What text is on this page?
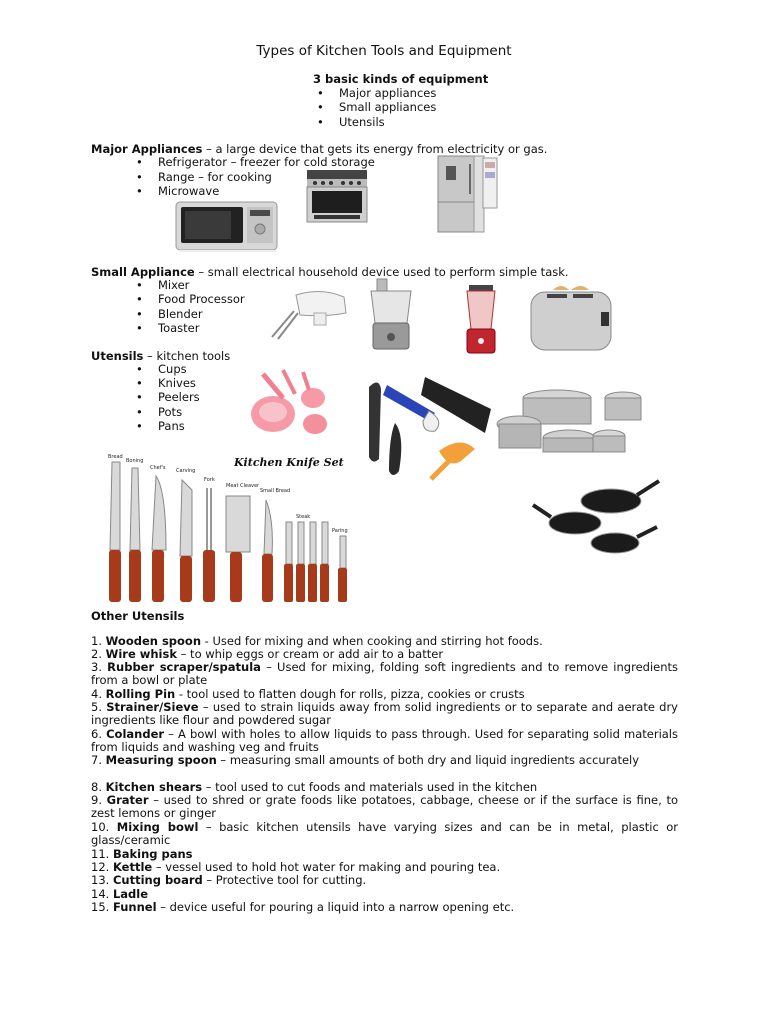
Types of Kitchen Tools and Equipment
3 basic kinds of equipment
• Major appliances
• Small appliances
• Utensils
Major Appliances – a large device that gets its energy from electricity or gas.
• Refrigerator – freezer for cold storage
• Range – for cooking
• Microwave
Small Appliance – small electrical household device used to perform simple task.
• Mixer
• Food Processor
• Blender
• Toaster
Utensils – kitchen tools
• Cups
• Knives
• Peelers
• Pots
• Pans
Bread
Boning
Chef's Carving
Fork
Meat Cleaver
Small Bread
Steak
Paring
Kitchen Knife Set
Other Utensils
1. Wooden spoon - Used for mixing and when cooking and stirring hot foods.
2. Wire whisk – to whip eggs or cream or add air to a batter
3. Rubber scraper/spatula – Used for mixing, folding soft ingredients and to remove ingredients from a bowl or plate
4. Rolling Pin - tool used to flatten dough for rolls, pizza, cookies or crusts
5. Strainer/Sieve – used to strain liquids away from solid ingredients or to separate and aerate dry ingredients like flour and powdered sugar
6. Colander – A bowl with holes to allow liquids to pass through. Used for separating solid materials from liquids and washing veg and fruits
7. Measuring spoon – measuring small amounts of both dry and liquid ingredients accurately
8. Kitchen shears – tool used to cut foods and materials used in the kitchen
9. Grater – used to shred or grate foods like potatoes, cabbage, cheese or if the surface is fine, to zest lemons or ginger
10. Mixing bowl – basic kitchen utensils have varying sizes and can be in metal, plastic or glass/ceramic
11. Baking pans
12. Kettle – vessel used to hold hot water for making and pouring tea.
13. Cutting board – Protective tool for cutting.
14. Ladle
15. Funnel – device useful for pouring a liquid into a narrow opening etc.
